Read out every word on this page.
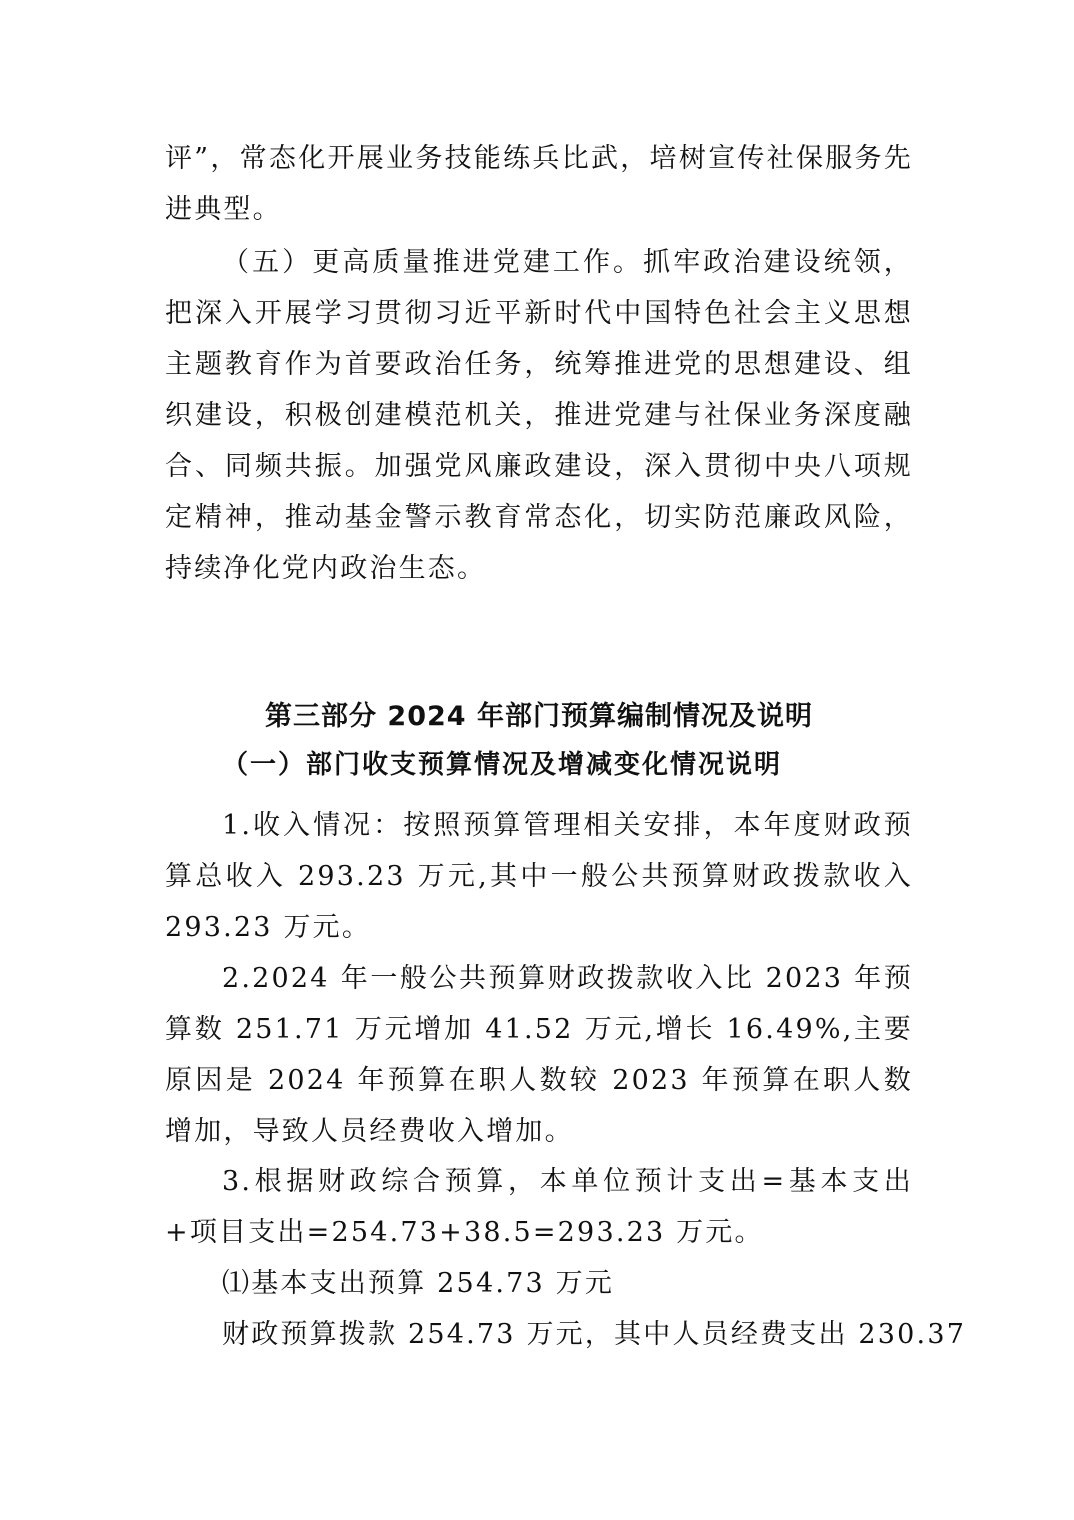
评”，常态化开展业务技能练兵比武，培树宣传社保服务先进典型。

（五）更高质量推进党建工作。抓牢政治建设统领，把深入开展学习贯彻习近平新时代中国特色社会主义思想主题教育作为首要政治任务，统筹推进党的思想建设、组织建设，积极创建模范机关，推进党建与社保业务深度融合、同频共振。加强党风廉政建设，深入贯彻中央八项规定精神，推动基金警示教育常态化，切实防范廉政风险，持续净化党内政治生态。

第三部分 2024 年部门预算编制情况及说明
（一）部门收支预算情况及增减变化情况说明

1.收入情况：按照预算管理相关安排，本年度财政预算总收入 293.23 万元,其中一般公共预算财政拨款收入 293.23 万元。

2.2024 年一般公共预算财政拨款收入比 2023 年预算数 251.71 万元增加 41.52 万元,增长 16.49%,主要原因是 2024 年预算在职人数较 2023 年预算在职人数增加，导致人员经费收入增加。

3.根据财政综合预算，本单位预计支出=基本支出+项目支出=254.73+38.5=293.23 万元。

⑴基本支出预算 254.73 万元

财政预算拨款 254.73 万元，其中人员经费支出 230.37
